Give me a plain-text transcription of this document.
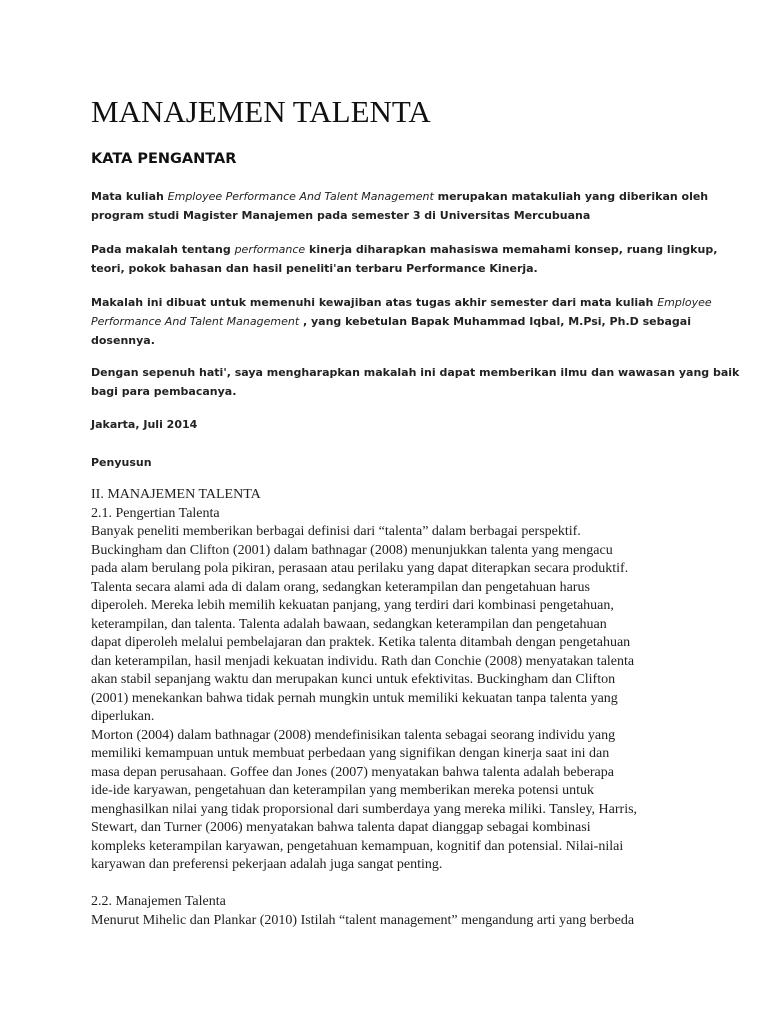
MANAJEMEN TALENTA
KATA PENGANTAR
Mata kuliah Employee Performance And Talent Management merupakan matakuliah yang diberikan oleh
program studi Magister Manajemen pada semester 3 di Universitas Mercubuana
Pada makalah tentang performance kinerja diharapkan mahasiswa memahami konsep, ruang lingkup,
teori, pokok bahasan dan hasil peneliti'an terbaru Performance Kinerja.
Makalah ini dibuat untuk memenuhi kewajiban atas tugas akhir semester dari mata kuliah Employee
Performance And Talent Management , yang kebetulan Bapak Muhammad Iqbal, M.Psi, Ph.D sebagai
dosennya.
Dengan sepenuh hati', saya mengharapkan makalah ini dapat memberikan ilmu dan wawasan yang baik
bagi para pembacanya.
Jakarta, Juli 2014
Penyusun
II. MANAJEMEN TALENTA
2.1. Pengertian Talenta
Banyak peneliti memberikan berbagai definisi dari “talenta” dalam berbagai perspektif.
Buckingham dan Clifton (2001) dalam bathnagar (2008) menunjukkan talenta yang mengacu
pada alam berulang pola pikiran, perasaan atau perilaku yang dapat diterapkan secara produktif.
Talenta secara alami ada di dalam orang, sedangkan keterampilan dan pengetahuan harus
diperoleh. Mereka lebih memilih kekuatan panjang, yang terdiri dari kombinasi pengetahuan,
keterampilan, dan talenta. Talenta adalah bawaan, sedangkan keterampilan dan pengetahuan
dapat diperoleh melalui pembelajaran dan praktek. Ketika talenta ditambah dengan pengetahuan
dan keterampilan, hasil menjadi kekuatan individu. Rath dan Conchie (2008) menyatakan talenta
akan stabil sepanjang waktu dan merupakan kunci untuk efektivitas. Buckingham dan Clifton
(2001) menekankan bahwa tidak pernah mungkin untuk memiliki kekuatan tanpa talenta yang
diperlukan.
Morton (2004) dalam bathnagar (2008) mendefinisikan talenta sebagai seorang individu yang
memiliki kemampuan untuk membuat perbedaan yang signifikan dengan kinerja saat ini dan
masa depan perusahaan. Goffee dan Jones (2007) menyatakan bahwa talenta adalah beberapa
ide-ide karyawan, pengetahuan dan keterampilan yang memberikan mereka potensi untuk
menghasilkan nilai yang tidak proporsional dari sumberdaya yang mereka miliki. Tansley, Harris,
Stewart, dan Turner (2006) menyatakan bahwa talenta dapat dianggap sebagai kombinasi
kompleks keterampilan karyawan, pengetahuan kemampuan, kognitif dan potensial. Nilai-nilai
karyawan dan preferensi pekerjaan adalah juga sangat penting.
2.2. Manajemen Talenta
Menurut Mihelic dan Plankar (2010) Istilah “talent management” mengandung arti yang berbeda
